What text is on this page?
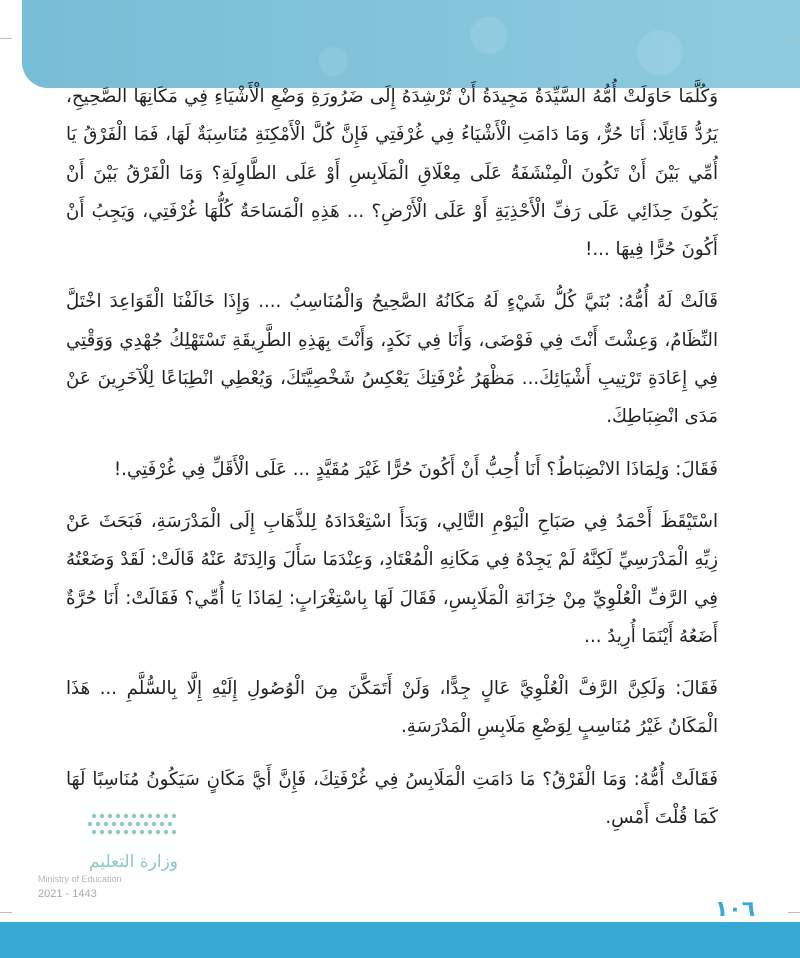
وَكُلَّمَا حَاوَلَتْ أُمُّهُ السَّيِّدَةُ مَجِيدَةُ أَنْ تُرْشِدَهُ إِلَى ضَرُورَةِ وَضْعِ الْأَشْيَاءِ فِي مَكَانِهَا الصَّحِيحِ، يَرُدُّ قَائِلًا: أَنَا حُرٌّ، وَمَا دَامَتِ الْأَشْيَاءُ فِي غُرْفَتِي فَإِنَّ كُلَّ الْأَمْكِنَةِ مُنَاسِبَةٌ لَهَا، فَمَا الْفَرْقُ يَا أُمِّي بَيْنَ أَنْ تَكُونَ الْمِنْشَفَةُ عَلَى مِعْلَاقِ الْمَلَابِسِ أَوْ عَلَى الطَّاوِلَةِ؟ وَمَا الْفَرْقُ بَيْنَ أَنْ يَكُونَ حِذَائِي عَلَى رَفِّ الْأَحْذِيَةِ أَوْ عَلَى الْأَرْضِ؟ ... هَذِهِ الْمَسَاحَةُ كُلُّهَا غُرْفَتِي، وَيَجِبُ أَنْ أَكُونَ حُرًّا فِيهَا ...!

قَالَتْ لَهُ أُمُّهُ: بُنَيَّ كُلُّ شَيْءٍ لَهُ مَكَانُهُ الصَّحِيحُ وَالْمُنَاسِبُ .... وَإِذَا خَالَفْنَا الْقَوَاعِدَ اخْتَلَّ النِّظَامُ، وَعِشْتَ أَنْتَ فِي فَوْضَى، وَأَنَا فِي نَكَدٍ، وَأَنْتَ بِهَذِهِ الطَّرِيقَةِ تَسْتَهْلِكُ جُهْدِي وَوَقْتِي فِي إِعَادَةِ تَرْتِيبِ أَشْيَائِكَ... مَظْهَرُ غُرْفَتِكَ يَعْكِسُ شَخْصِيَّتَكَ، وَيُعْطِي انْطِبَاعًا لِلْآخَرِينَ عَنْ مَدَى انْضِبَاطِكَ.

فَقَالَ: وَلِمَاذَا الانْضِبَاطُ؟ أَنَا أُحِبُّ أَنْ أَكُونَ حُرًّا غَيْرَ مُقَيَّدٍ ... عَلَى الْأَقَلِّ فِي غُرْفَتِي.!

اسْتَيْقَظَ أَحْمَدُ فِي صَبَاحِ الْيَوْمِ التَّالِي، وَبَدَأَ اسْتِعْدَادَهُ لِلذَّهَابِ إِلَى الْمَدْرَسَةِ، فَبَحَثَ عَنْ زِيِّهِ الْمَدْرَسِيِّ لَكِنَّهُ لَمْ يَجِدْهُ فِي مَكَانِهِ الْمُعْتَادِ، وَعِنْدَمَا سَأَلَ وَالِدَتَهُ عَنْهُ قَالَتْ: لَقَدْ وَضَعْتُهُ فِي الرَّفِّ الْعُلْوِيِّ مِنْ خِزَانَةِ الْمَلَابِسِ، فَقَالَ لَهَا بِاسْتِغْرَابٍ: لِمَاذَا يَا أُمِّي؟ فَقَالَتْ: أَنَا حُرَّةٌ أَضَعُهُ أَيْنَمَا أُرِيدُ ...

فَقَالَ: وَلَكِنَّ الرَّفَّ الْعُلْوِيَّ عَالٍ جِدًّا، وَلَنْ أَتَمَكَّنَ مِنَ الْوُصُولِ إِلَيْهِ إِلَّا بِالسُّلَّمِ ... هَذَا الْمَكَانُ غَيْرُ مُنَاسِبٍ لِوَضْعِ مَلَابِسِ الْمَدْرَسَةِ.

فَقَالَتْ أُمُّهُ: وَمَا الْفَرْقُ؟ مَا دَامَتِ الْمَلَابِسُ فِي غُرْفَتِكَ، فَإِنَّ أَيَّ مَكَانٍ سَيَكُونُ مُنَاسِبًا لَهَا كَمَا قُلْتَ أَمْسِ.

وزارة التعليم
Ministry of Education
2021 - 1443
١٠٦
